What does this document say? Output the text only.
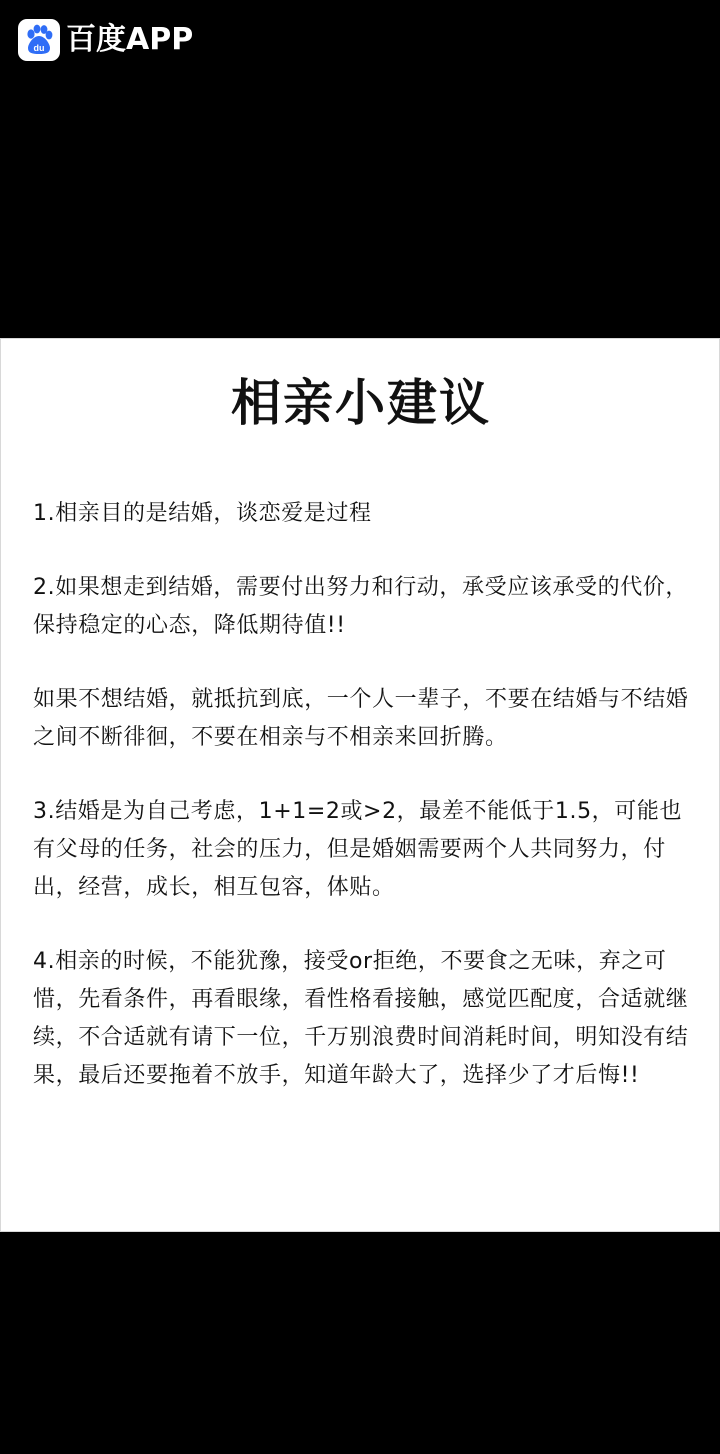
du 百度APP
相亲小建议

1.相亲目的是结婚，谈恋爱是过程

2.如果想走到结婚，需要付出努力和行动，承受应该承受的代价，保持稳定的心态，降低期待值!!

如果不想结婚，就抵抗到底，一个人一辈子，不要在结婚与不结婚之间不断徘徊，不要在相亲与不相亲来回折腾。

3.结婚是为自己考虑，1+1=2或>2，最差不能低于1.5，可能也有父母的任务，社会的压力，但是婚姻需要两个人共同努力，付出，经营，成长，相互包容，体贴。

4.相亲的时候，不能犹豫，接受or拒绝，不要食之无味，弃之可惜，先看条件，再看眼缘，看性格看接触，感觉匹配度，合适就继续，不合适就有请下一位，千万别浪费时间消耗时间，明知没有结果，最后还要拖着不放手，知道年龄大了，选择少了才后悔!!
